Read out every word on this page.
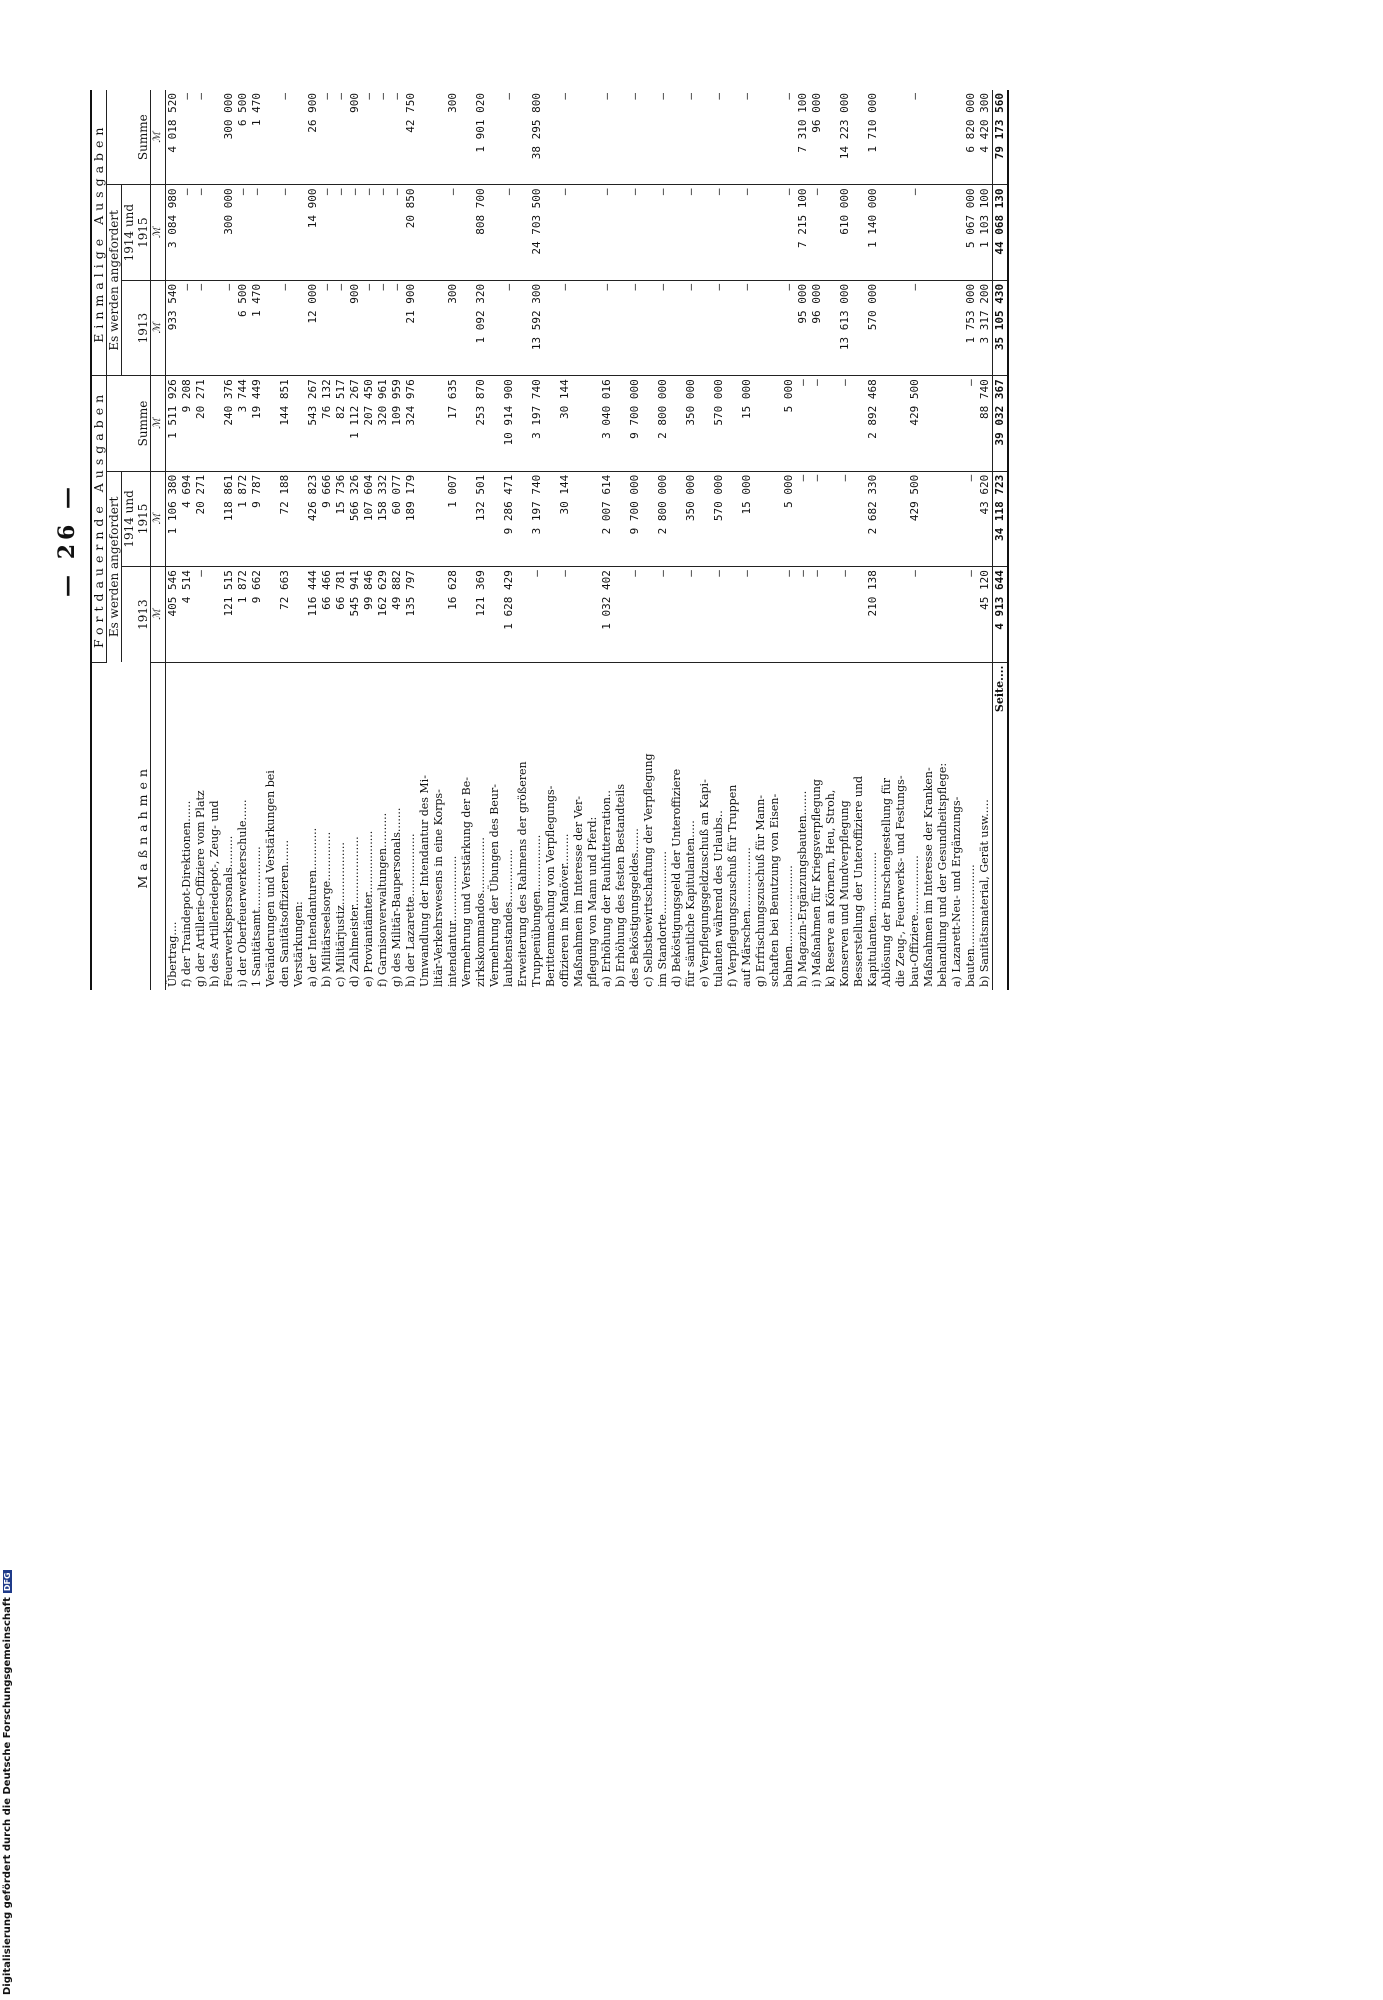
— 26 —
Maßnahmen	Fortdauernde Ausgaben			Einmalige Ausgaben		
	Es werden angefordert		Summe	Es werden angefordert		Summe
	1913	1914 und 1915		1913	1914 und 1915	
	ℳ	ℳ	ℳ	ℳ	ℳ	ℳ
Übertrag....	405 546	1 106 380	1 511 926	933 540	3 084 980	4 018 520
f) der Traindepot-Direktionen......	4 514	4 694	9 208	—	—	—
g) der Artillerie-Offiziere vom Platz	—	20 271	20 271	—	—	—
h) des Artilleriedepot-, Zeug- und						
Feuerwerkspersonals.........	121 515	118 861	240 376	—	300 000	300 000
i) der Oberfeuerwerkerschule......	1 872	1 872	3 744	6 500	—	6 500
1 Sanitätsamt..................	9 662	9 787	19 449	1 470	—	1 470
Veränderungen und Verstärkungen bei						
den Sanitätsoffizieren.......	72 663	72 188	144 851	—	—	—
Verstärkungen:						
a) der Intendanturen............	116 444	426 823	543 267	12 000	14 900	26 900
b) Militärseelsorge..............	66 466	9 666	76 132	—	—	—
c) Militärjustiz..................	66 781	15 736	82 517	—	—	—
d) Zahlmeister....................	545 941	566 326	1 112 267	900	—	900
e) Proviantämter..................	99 846	107 604	207 450	—	—	—
f) Garnisonverwaltungen..........	162 629	158 332	320 961	—	—	—
g) des Militär-Baupersonals.......	49 882	60 077	109 959	—	—	—
h) der Lazarette..................	135 797	189 179	324 976	21 900	20 850	42 750
Umwandlung der Intendantur des Mi-						
litär-Verkehrswesens in eine Korps-						
intendantur...................	16 628	1 007	17 635	300	—	300
Vermehrung und Verstärkung der Be-						
zirkskommandos................	121 369	132 501	253 870	1 092 320	808 700	1 901 020
Vermehrung der Übungen des Beur-						
laubtenstandes...............	1 628 429	9 286 471	10 914 900	—	—	—
Erweiterung des Rahmens der größeren						
Truppenübungen................	—	3 197 740	3 197 740	13 592 300	24 703 500	38 295 800
Berittenmachung von Verpflegungs-						
offizieren im Manöver.........	—	30 144	30 144	—	—	—
Maßnahmen im Interesse der Ver-						
pflegung von Mann und Pferd:						
a) Erhöhung der Rauhfutterration..	1 032 402	2 007 614	3 040 016	—	—	—
b) Erhöhung des festen Bestandteils						
des Beköstigungsgeldes.......	—	9 700 000	9 700 000	—	—	—
c) Selbstbewirtschaftung der Verpflegung						
im Standorte..................	—	2 800 000	2 800 000	—	—	—
d) Beköstigungsgeld der Unteroffiziere						
für sämtliche Kapitulanten.....	—	350 000	350 000	—	—	—
e) Verpflegungsgeldzuschuß an Kapi-						
tulanten während des Urlaubs..	—	570 000	570 000	—	—	—
f) Verpflegungszuschuß für Truppen						
auf Märschen..................	—	15 000	15 000	—	—	—
g) Erfrischungszuschuß für Mann-						
schaften bei Benutzung von Eisen-						
bahnen.......................	—	5 000	5 000	—	—	—
h) Magazin-Ergänzungsbauten.......	—	—	—	95 000	7 215 100	7 310 100
i) Maßnahmen für Kriegsverpflegung	—	—	—	96 000	—	96 000
k) Reserve an Körnern, Heu, Stroh,						
Konserven und Mundverpflegung	—	—	—	13 613 000	610 000	14 223 000
Besserstellung der Unteroffiziere und						
Kapitulanten..................	210 138	2 682 330	2 892 468	570 000	1 140 000	1 710 000
Ablösung der Burschengestellung für						
die Zeug-, Feuerwerks- und Festungs-						
bau-Offiziere.................	—	429 500	429 500	—	—	—
Maßnahmen im Interesse der Kranken-						
behandlung und der Gesundheitspflege:						
a) Lazarett-Neu- und Ergänzungs-						
bauten........................	—	—	—	1 753 000	5 067 000	6 820 000
b) Sanitätsmaterial, Gerät usw.....	45 120	43 620	88 740	3 317 200	1 103 100	4 420 300
Seite....	4 913 644	34 118 723	39 032 367	35 105 430	44 068 130	79 173 560
Digitalisierung gefördert durch die Deutsche ForschungsgemeinschaftDFG
